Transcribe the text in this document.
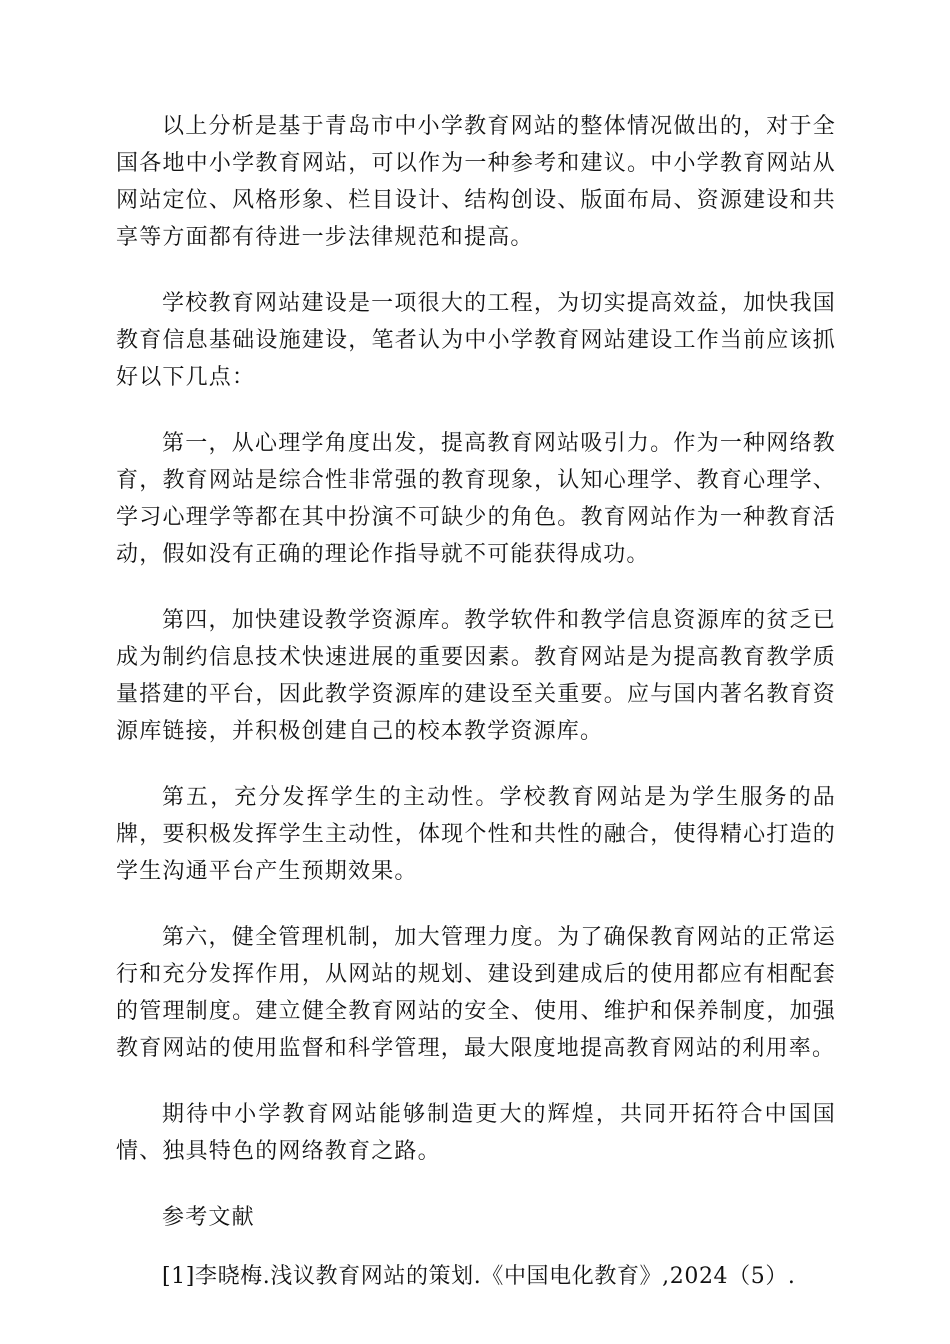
以上分析是基于青岛市中小学教育网站的整体情况做出的，对于全国各地中小学教育网站，可以作为一种参考和建议。中小学教育网站从网站定位、风格形象、栏目设计、结构创设、版面布局、资源建设和共享等方面都有待进一步法律规范和提高。

学校教育网站建设是一项很大的工程，为切实提高效益，加快我国教育信息基础设施建设，笔者认为中小学教育网站建设工作当前应该抓好以下几点：

第一，从心理学角度出发，提高教育网站吸引力。作为一种网络教育，教育网站是综合性非常强的教育现象，认知心理学、教育心理学、学习心理学等都在其中扮演不可缺少的角色。教育网站作为一种教育活动，假如没有正确的理论作指导就不可能获得成功。

第四，加快建设教学资源库。教学软件和教学信息资源库的贫乏已成为制约信息技术快速进展的重要因素。教育网站是为提高教育教学质量搭建的平台，因此教学资源库的建设至关重要。应与国内著名教育资源库链接，并积极创建自己的校本教学资源库。

第五，充分发挥学生的主动性。学校教育网站是为学生服务的品牌，要积极发挥学生主动性，体现个性和共性的融合，使得精心打造的学生沟通平台产生预期效果。

第六，健全管理机制，加大管理力度。为了确保教育网站的正常运行和充分发挥作用，从网站的规划、建设到建成后的使用都应有相配套的管理制度。建立健全教育网站的安全、使用、维护和保养制度，加强教育网站的使用监督和科学管理，最大限度地提高教育网站的利用率。

期待中小学教育网站能够制造更大的辉煌，共同开拓符合中国国情、独具特色的网络教育之路。

参考文献

[1]李晓梅.浅议教育网站的策划.《中国电化教育》,2024（5）.
